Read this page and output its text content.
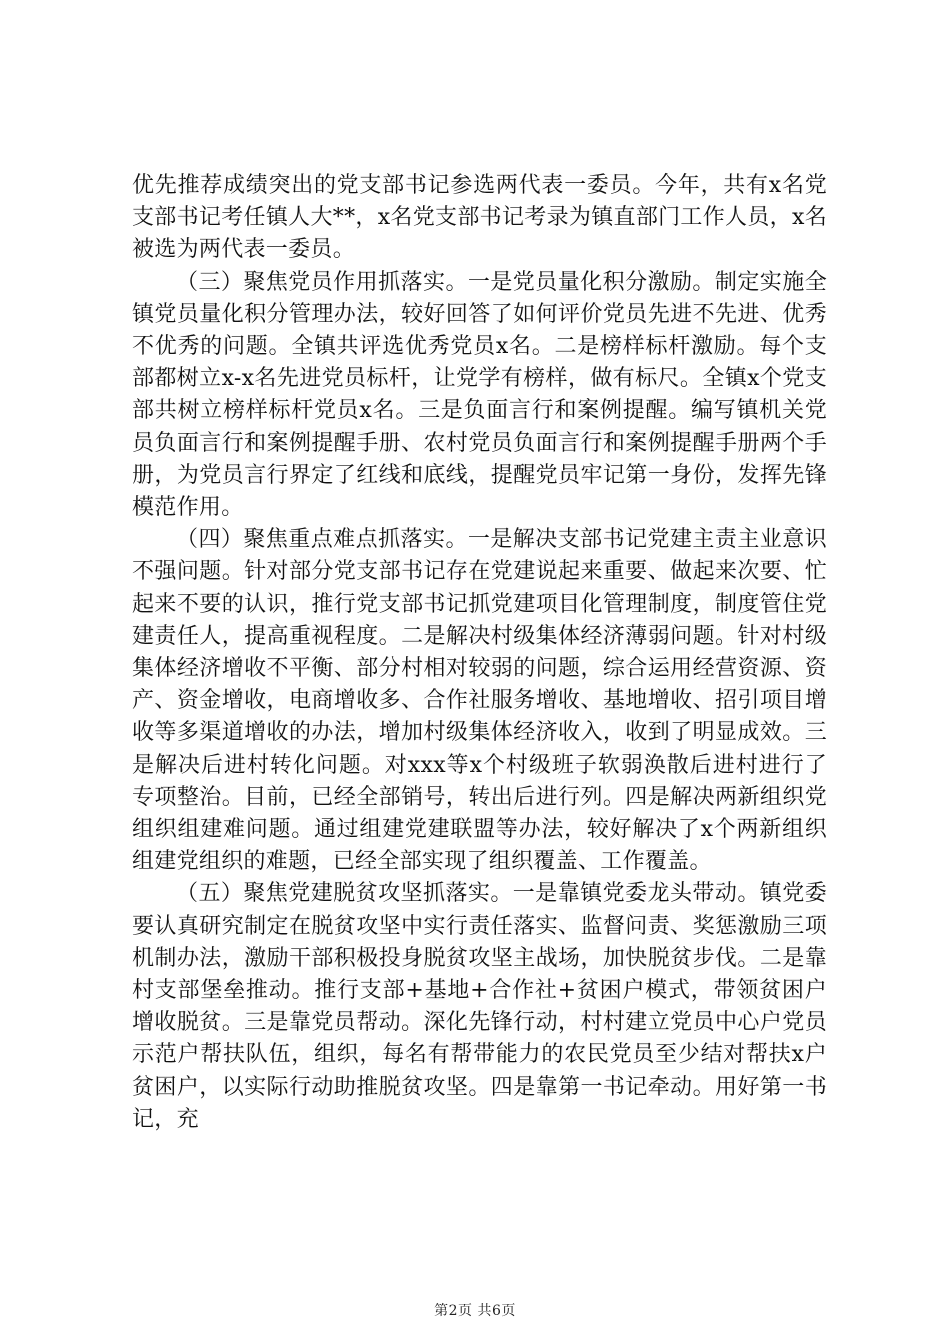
优先推荐成绩突出的党支部书记参选两代表一委员。今年，共有x名党支部书记考任镇人大**，x名党支部书记考录为镇直部门工作人员，x名被选为两代表一委员。

（三）聚焦党员作用抓落实。一是党员量化积分激励。制定实施全镇党员量化积分管理办法，较好回答了如何评价党员先进不先进、优秀不优秀的问题。全镇共评选优秀党员x名。二是榜样标杆激励。每个支部都树立x-x名先进党员标杆，让党学有榜样，做有标尺。全镇x个党支部共树立榜样标杆党员x名。三是负面言行和案例提醒。编写镇机关党员负面言行和案例提醒手册、农村党员负面言行和案例提醒手册两个手册，为党员言行界定了红线和底线，提醒党员牢记第一身份，发挥先锋模范作用。

（四）聚焦重点难点抓落实。一是解决支部书记党建主责主业意识不强问题。针对部分党支部书记存在党建说起来重要、做起来次要、忙起来不要的认识，推行党支部书记抓党建项目化管理制度，制度管住党建责任人，提高重视程度。二是解决村级集体经济薄弱问题。针对村级集体经济增收不平衡、部分村相对较弱的问题，综合运用经营资源、资产、资金增收，电商增收多、合作社服务增收、基地增收、招引项目增收等多渠道增收的办法，增加村级集体经济收入，收到了明显成效。三是解决后进村转化问题。对xxx等x个村级班子软弱涣散后进村进行了专项整治。目前，已经全部销号，转出后进行列。四是解决两新组织党组织组建难问题。通过组建党建联盟等办法，较好解决了x个两新组织组建党组织的难题，已经全部实现了组织覆盖、工作覆盖。

（五）聚焦党建脱贫攻坚抓落实。一是靠镇党委龙头带动。镇党委要认真研究制定在脱贫攻坚中实行责任落实、监督问责、奖惩激励三项机制办法，激励干部积极投身脱贫攻坚主战场，加快脱贫步伐。二是靠村支部堡垒推动。推行支部+基地+合作社+贫困户模式，带领贫困户增收脱贫。三是靠党员帮动。深化先锋行动，村村建立党员中心户党员示范户帮扶队伍，组织，每名有帮带能力的农民党员至少结对帮扶x户贫困户，以实际行动助推脱贫攻坚。四是靠第一书记牵动。用好第一书记，充

第2页 共6页
